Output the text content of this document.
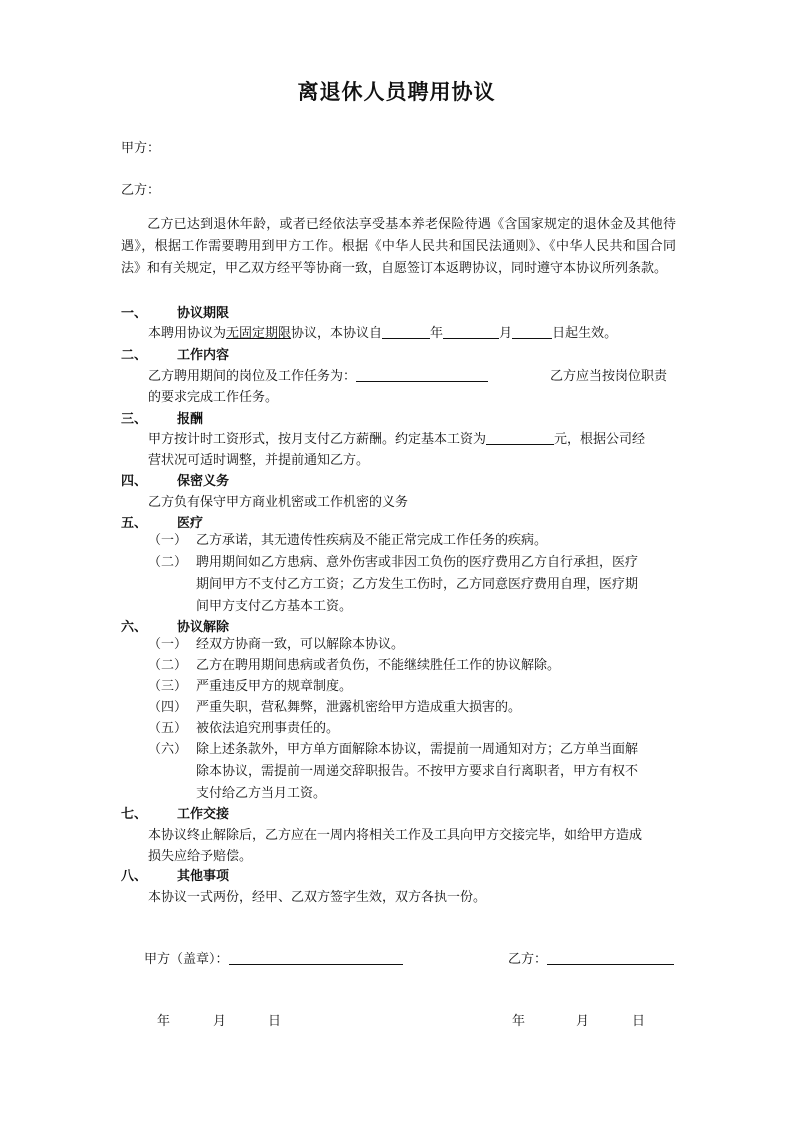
离退休人员聘用协议
甲方：
乙方：
乙方已达到退休年龄，或者已经依法享受基本养老保险待遇《含国家规定的退休金及其他待遇》，根据工作需要聘用到甲方工作。根据《中华人民共和国民法通则》、《中华人民共和国合同法》和有关规定，甲乙双方经平等协商一致，自愿签订本返聘协议，同时遵守本协议所列条款。
一、 协议期限
本聘用协议为无固定期限协议，本协议自	年	月	日起生效。
二、 工作内容
乙方聘用期间的岗位及工作任务为：	乙方应当按岗位职责
的要求完成工作任务。
三、 报酬
甲方按计时工资形式，按月支付乙方薪酬。约定基本工资为	元，根据公司经
营状况可适时调整，并提前通知乙方。
四、 保密义务
乙方负有保守甲方商业机密或工作机密的义务
五、 医疗
（一） 乙方承诺，其无遗传性疾病及不能正常完成工作任务的疾病。
（二） 聘用期间如乙方患病、意外伤害或非因工负伤的医疗费用乙方自行承担，医疗
期间甲方不支付乙方工资；乙方发生工伤时，乙方同意医疗费用自理，医疗期
间甲方支付乙方基本工资。
六、 协议解除
（一） 经双方协商一致，可以解除本协议。
（二） 乙方在聘用期间患病或者负伤，不能继续胜任工作的协议解除。
（三） 严重违反甲方的规章制度。
（四） 严重失职，营私舞弊，泄露机密给甲方造成重大损害的。
（五） 被依法追究刑事责任的。
（六） 除上述条款外，甲方单方面解除本协议，需提前一周通知对方；乙方单当面解
除本协议，需提前一周递交辞职报告。不按甲方要求自行离职者，甲方有权不
支付给乙方当月工资。
七、 工作交接
本协议终止解除后，乙方应在一周内将相关工作及工具向甲方交接完毕，如给甲方造成
损失应给予赔偿。
八、 其他事项
本协议一式两份，经甲、乙双方签字生效，双方各执一份。
甲方（盖章）：	乙方：
年	月	日	年	月	日
